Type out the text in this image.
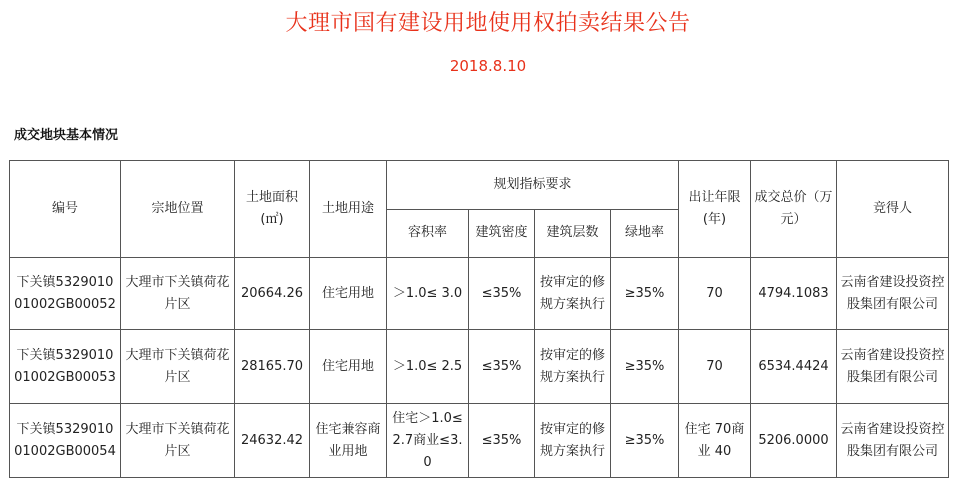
大理市国有建设用地使用权拍卖结果公告
2018.8.10
成交地块基本情况
编号	宗地位置	土地面积(㎡)	土地用途	规划指标要求				出让年限(年)	成交总价（万元）	竞得人

				容积率	建筑密度	建筑层数	绿地率			

下关镇532901001002GB00052	大理市下关镇荷花片区	20664.26	住宅用地	＞1.0≤ 3.0	≤35%	按审定的修规方案执行	≥35%	70	4794.1083	云南省建设投资控股集团有限公司
下关镇532901001002GB00053	大理市下关镇荷花片区	28165.70	住宅用地	＞1.0≤ 2.5	≤35%	按审定的修规方案执行	≥35%	70	6534.4424	云南省建设投资控股集团有限公司
下关镇532901001002GB00054	大理市下关镇荷花片区	24632.42	住宅兼容商业用地	住宅＞1.0≤2.7商业≤3.0	≤35%	按审定的修规方案执行	≥35%	住宅 70商业 40	5206.0000	云南省建设投资控股集团有限公司
